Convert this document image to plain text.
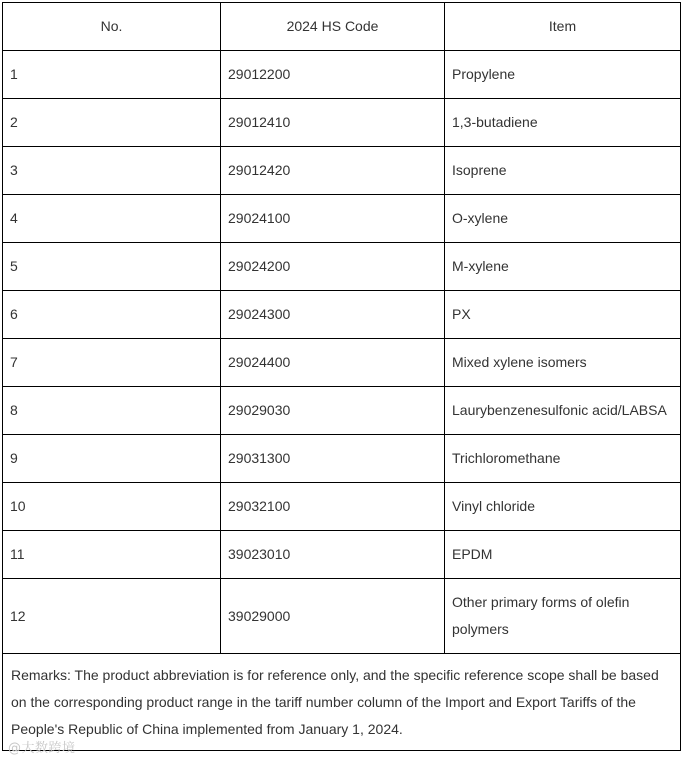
No.	2024 HS Code	Item
1	29012200	Propylene
2	29012410	1,3-butadiene
3	29012420	Isoprene
4	29024100	O-xylene
5	29024200	M-xylene
6	29024300	PX
7	29024400	Mixed xylene isomers
8	29029030	Laurybenzenesulfonic acid/LABSA
9	29031300	Trichloromethane
10	29032100	Vinyl chloride
11	39023010	EPDM
12	39029000	Other primary forms of olefin polymers
Remarks: The product abbreviation is for reference only, and the specific reference scope shall be based on the corresponding product range in the tariff number column of the Import and Export Tariffs of the People's Republic of China implemented from January 1, 2024.		
@大数跨境
